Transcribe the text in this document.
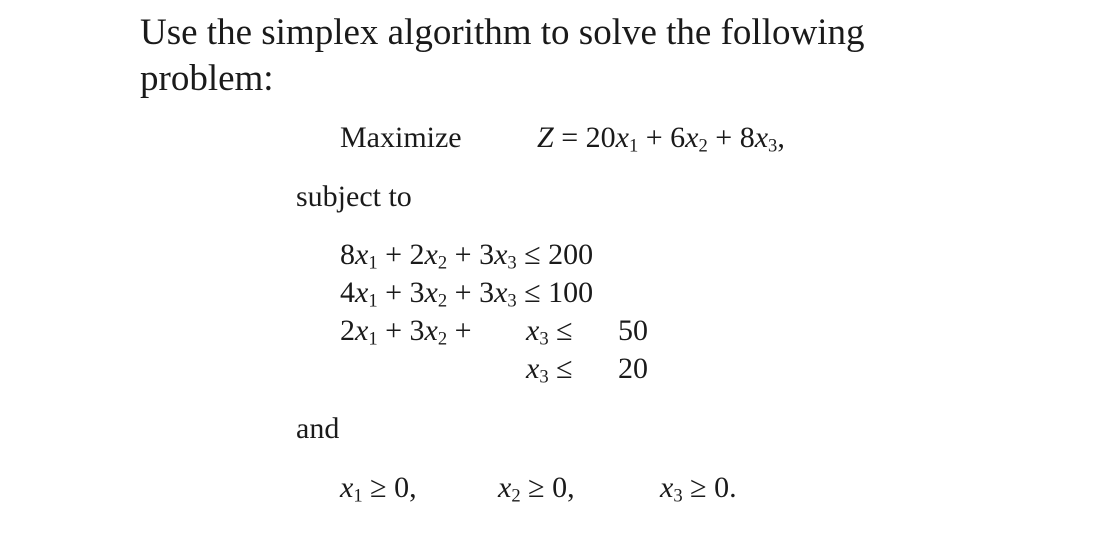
Use the simplex algorithm to solve the following
problem:
Maximize	$Z = 20x_1 + 6x_2 + 8x_3$,
subject to
$8x_1 + 2x_2 + 3x_3 \le 200$
$4x_1 + 3x_2 + 3x_3 \le 100$
$2x_1 + 3x_2 + x_3$ ≤	50
$x_3$ ≤	20
and
$x_1 \ge 0$,	$x_2 \ge 0$,	$x_3 \ge 0$.
